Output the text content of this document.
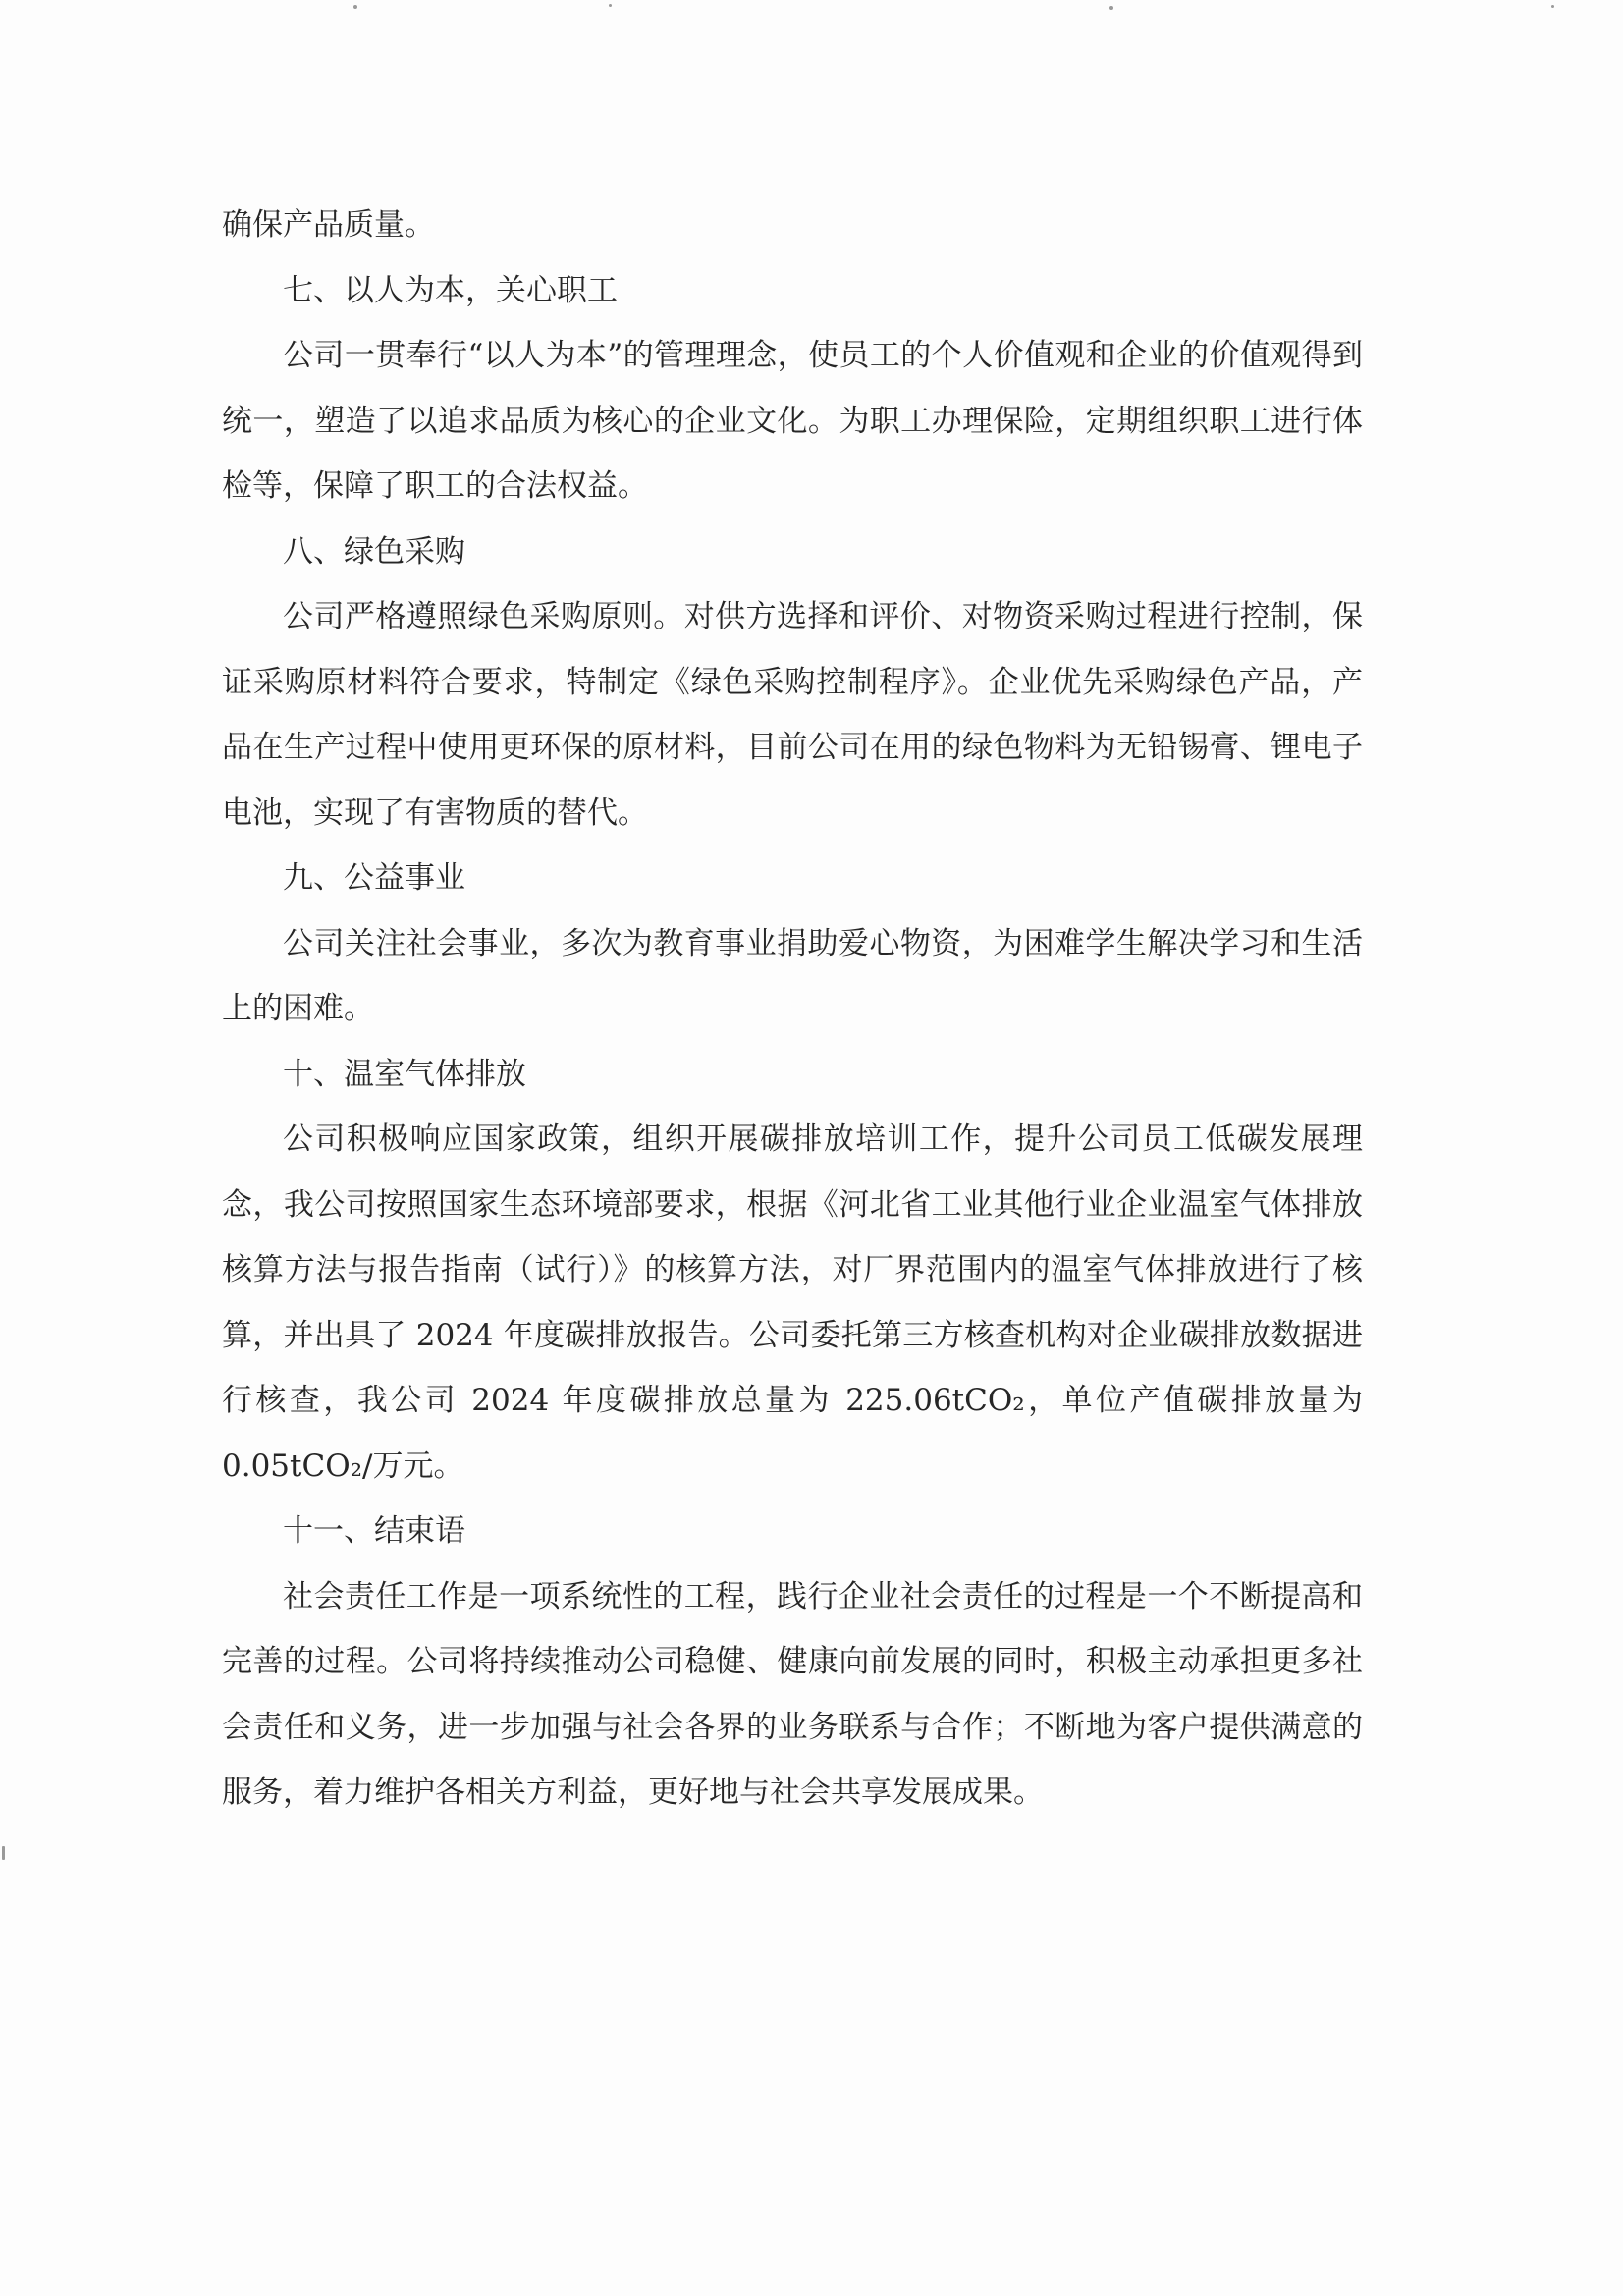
确保产品质量。

七、以人为本，关心职工

公司一贯奉行“以人为本”的管理理念，使员工的个人价值观和企业的价值观得到统一，塑造了以追求品质为核心的企业文化。为职工办理保险，定期组织职工进行体检等，保障了职工的合法权益。

八、绿色采购

公司严格遵照绿色采购原则。对供方选择和评价、对物资采购过程进行控制，保证采购原材料符合要求，特制定《绿色采购控制程序》。企业优先采购绿色产品，产品在生产过程中使用更环保的原材料，目前公司在用的绿色物料为无铅锡膏、锂电子电池，实现了有害物质的替代。

九、公益事业

公司关注社会事业，多次为教育事业捐助爱心物资，为困难学生解决学习和生活上的困难。

十、温室气体排放

公司积极响应国家政策，组织开展碳排放培训工作，提升公司员工低碳发展理念，我公司按照国家生态环境部要求，根据《河北省工业其他行业企业温室气体排放核算方法与报告指南（试行）》的核算方法，对厂界范围内的温室气体排放进行了核算，并出具了 2024 年度碳排放报告。公司委托第三方核查机构对企业碳排放数据进行核查，我公司 2024 年度碳排放总量为 225.06tCO₂，单位产值碳排放量为 0.05tCO₂/万元。

十一、结束语

社会责任工作是一项系统性的工程，践行企业社会责任的过程是一个不断提高和完善的过程。公司将持续推动公司稳健、健康向前发展的同时，积极主动承担更多社会责任和义务，进一步加强与社会各界的业务联系与合作；不断地为客户提供满意的服务，着力维护各相关方利益，更好地与社会共享发展成果。
